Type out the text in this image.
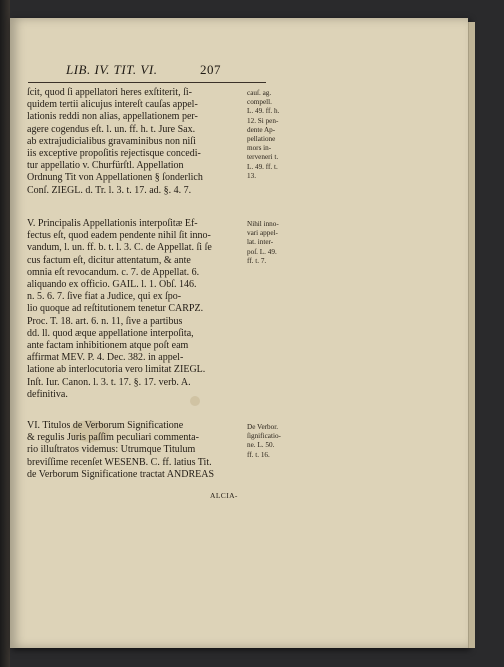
LIB. IV. TIT. VI.	207
ſcit, quod ſi appellatori heres exſtiterit, ſi-
quidem tertii alicujus intereſt cauſas appel-
lationis reddi non alias, appellationem per-
agere cogendus eſt. l. un. ff. h. t. Jure Sax.
ab extrajudicialibus gravaminibus non niſi
iis exceptive propoſitis rejectisque concedi-
tur appellatio v. Churfürſtl. Appellation
Ordnung Tit von Appellationen § ſonderlich
Conſ. ZIEGL. d. Tr. l. 3. t. 17. ad. §. 4. 7.
cauſ. ag.
compell.
L. 49. ff. h.
12. Si pen-
dente Ap-
pellatione
mors in-
terveneri t.
L. 49. ff. t.
13.
V. Principalis Appellationis interpoſitæ Ef-
fectus eſt, quod eadem pendente nihil ſit inno-
vandum, l. un. ff. b. t. l. 3. C. de Appellat. ſi ſe
cus factum eſt, dicitur attentatum, & ante
omnia eſt revocandum. c. 7. de Appellat. 6.
aliquando ex officio. GAIL. l. 1. Obſ. 146.
n. 5. 6. 7. ſive fiat a Judice, qui ex ſpo-
lio quoque ad reſtitutionem tenetur CARPZ.
Proc. T. 18. art. 6. n. 11, ſive a partibus
dd. ll. quod æque appellatione interpoſita,
ante factam inhibitionem atque poſt eam
affirmat MEV. P. 4. Dec. 382. in appel-
latione ab interlocutoria vero limitat ZIEGL.
Inſt. Iur. Canon. l. 3. t. 17. §. 17. verb. A.
definitiva.
Nihil inno-
vari appel-
lat. inter-
poſ. L. 49.
ff. t. 7.
VI. Titulos de Verborum Significatione
& regulis Juris paſſim peculiari commenta-
rio illuſtratos videmus: Utrumque Titulum
breviſſime recenſet WESENB. C. ff. latius Tit.
de Verborum Significatione tractat ANDREAS
De Verbor.
ſignificatio-
ne. L. 50.
ff. t. 16.
ALCIA-
